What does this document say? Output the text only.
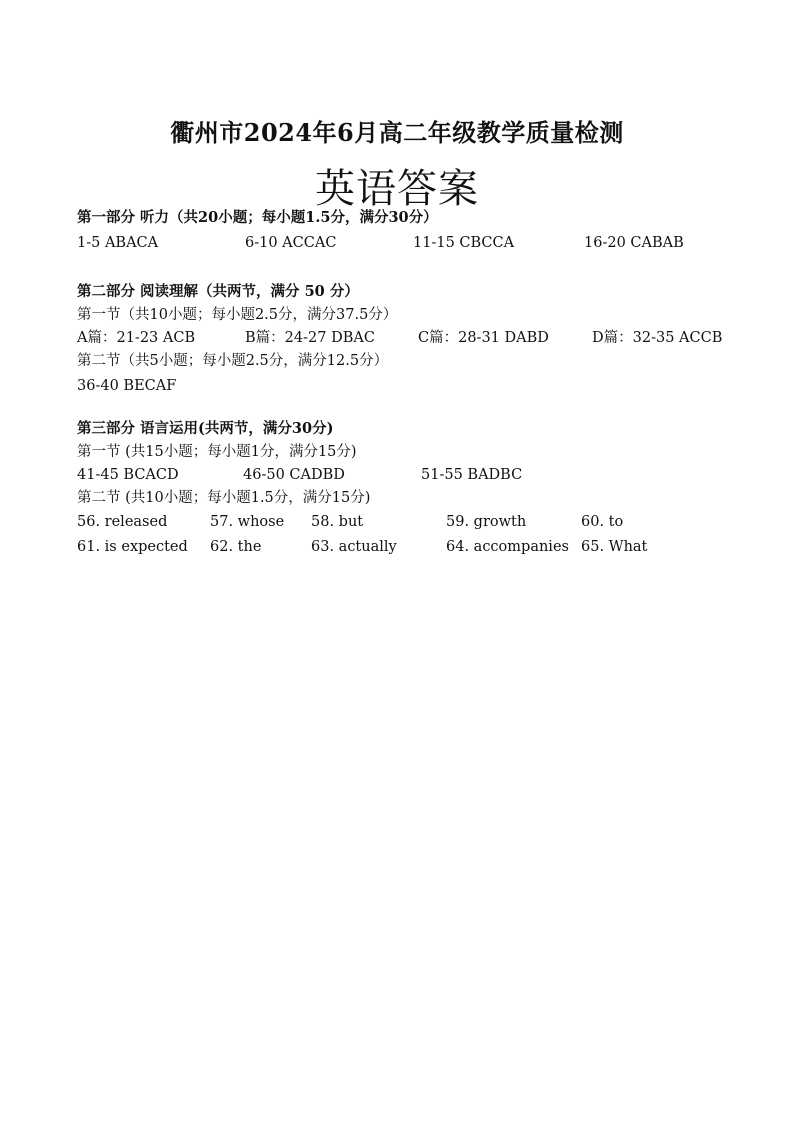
衢州市2024年6月高二年级教学质量检测
英语答案
第一部分 听力（共20小题；每小题1.5分，满分30分）
1-5 ABACA	6-10 ACCAC	11-15 CBCCA	16-20 CABAB
第二部分 阅读理解（共两节，满分 50 分）
第一节（共10小题；每小题2.5分，满分37.5分）
A篇：21-23 ACB	B篇：24-27 DBAC	C篇：28-31 DABD	D篇：32-35 ACCB
第二节（共5小题；每小题2.5分，满分12.5分）
36-40 BECAF
第三部分 语言运用(共两节，满分30分)
第一节 (共15小题；每小题1分，满分15分)
41-45 BCACD	46-50 CADBD	51-55 BADBC
第二节 (共10小题；每小题1.5分，满分15分)
56. released	57. whose 58. but	59. growth	60. to
61. is expected 62. the	63. actually	64. accompanies 65. What
